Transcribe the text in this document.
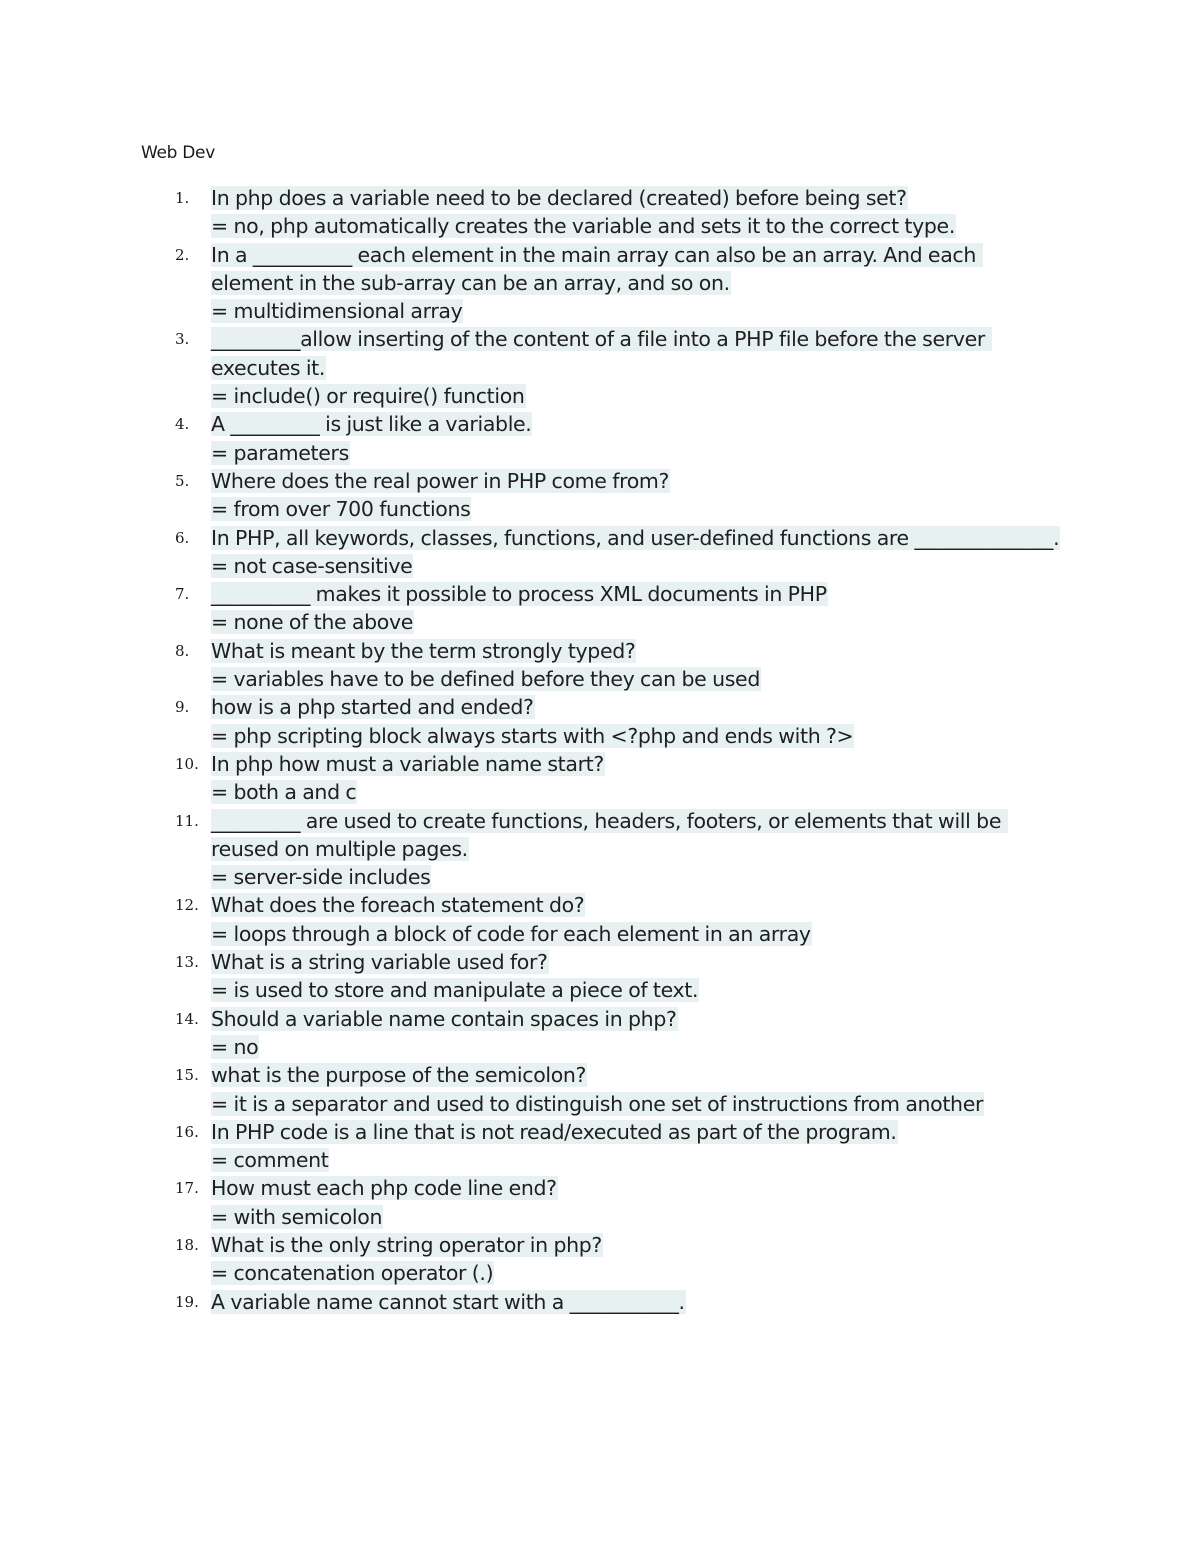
Web Dev
1.	In php does a variable need to be declared (created) before being set?
= no, php automatically creates the variable and sets it to the correct type.
2.	In a __________ each element in the main array can also be an array. And each element in the sub-array can be an array, and so on.
= multidimensional array
3.	_________allow inserting of the content of a file into a PHP file before the server executes it.
= include() or require() function
4.	A _________ is just like a variable.
= parameters
5.	Where does the real power in PHP come from?
= from over 700 functions
6.	In PHP, all keywords, classes, functions, and user-defined functions are ______________.
= not case-sensitive
7.	__________ makes it possible to process XML documents in PHP
= none of the above
8.	What is meant by the term strongly typed?
= variables have to be defined before they can be used
9.	how is a php started and ended?
= php scripting block always starts with <?php and ends with ?>
10. In php how must a variable name start?
= both a and c
11. _________ are used to create functions, headers, footers, or elements that will be reused on multiple pages.
= server-side includes
12. What does the foreach statement do?
= loops through a block of code for each element in an array
13. What is a string variable used for?
= is used to store and manipulate a piece of text.
14. Should a variable name contain spaces in php?
= no
15. what is the purpose of the semicolon?
= it is a separator and used to distinguish one set of instructions from another
16. In PHP code is a line that is not read/executed as part of the program.
= comment
17. How must each php code line end?
= with semicolon
18. What is the only string operator in php?
= concatenation operator (.)
19. A variable name cannot start with a ___________.
